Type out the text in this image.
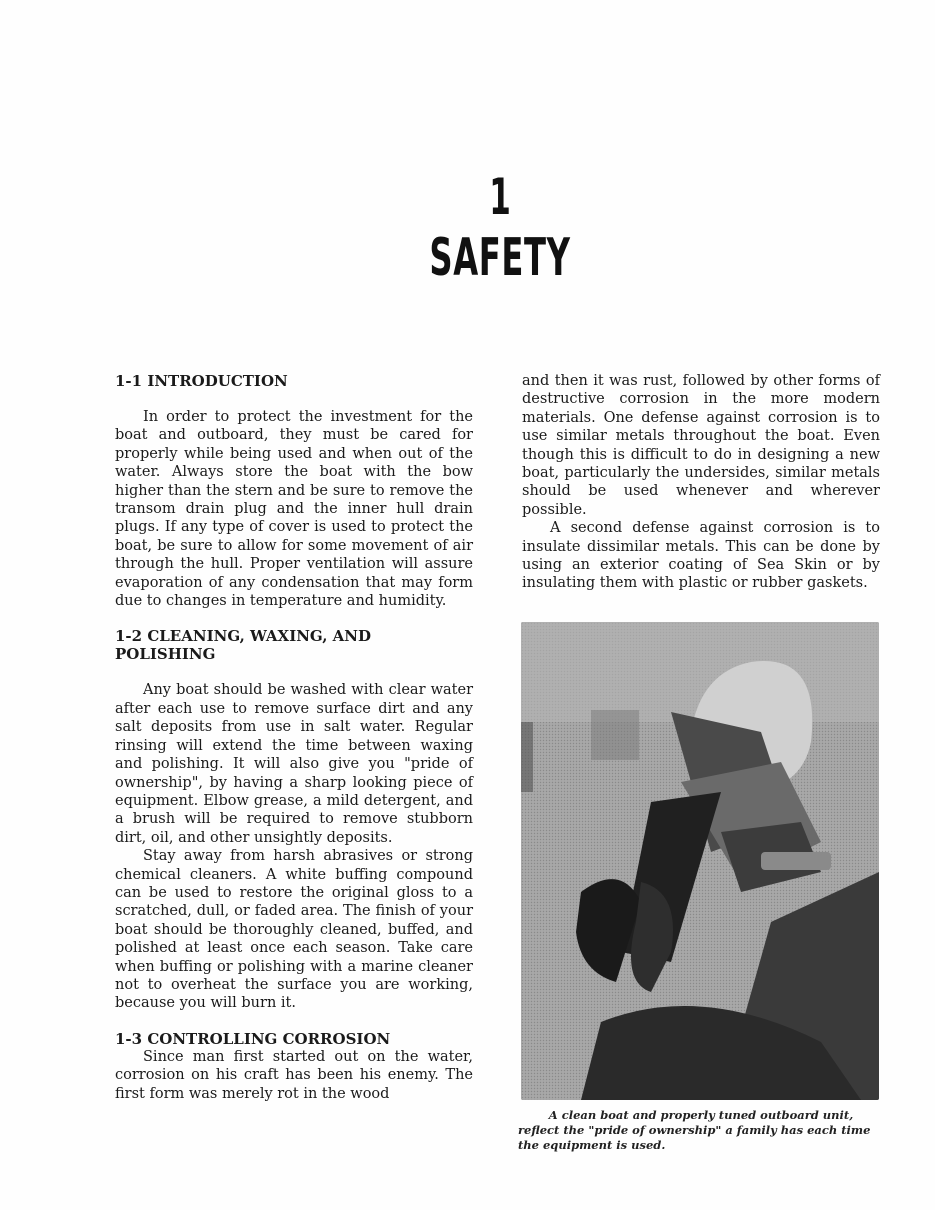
1
SAFETY
1-1 INTRODUCTION

In order to protect the investment for the boat and outboard, they must be cared for properly while being used and when out of the water. Always store the boat with the bow higher than the stern and be sure to remove the transom drain plug and the inner hull drain plugs. If any type of cover is used to protect the boat, be sure to allow for some movement of air through the hull. Proper ventilation will assure evaporation of any condensation that may form due to changes in temperature and humidity.

1-2 CLEANING, WAXING, AND POLISHING

Any boat should be washed with clear water after each use to remove surface dirt and any salt deposits from use in salt water. Regular rinsing will extend the time between waxing and polishing. It will also give you "pride of ownership", by having a sharp looking piece of equipment. Elbow grease, a mild detergent, and a brush will be required to remove stubborn dirt, oil, and other unsightly deposits.

Stay away from harsh abrasives or strong chemical cleaners. A white buffing compound can be used to restore the original gloss to a scratched, dull, or faded area. The finish of your boat should be thoroughly cleaned, buffed, and polished at least once each season. Take care when buffing or polishing with a marine cleaner not to overheat the surface you are working, because you will burn it.

1-3 CONTROLLING CORROSION

Since man first started out on the water, corrosion on his craft has been his enemy. The first form was merely rot in the wood

and then it was rust, followed by other forms of destructive corrosion in the more modern materials. One defense against corrosion is to use similar metals throughout the boat. Even though this is difficult to do in designing a new boat, particularly the undersides, similar metals should be used whenever and wherever possible.

A second defense against corrosion is to insulate dissimilar metals. This can be done by using an exterior coating of Sea Skin or by insulating them with plastic or rubber gaskets.

A clean boat and properly tuned outboard unit,
reflect the "pride of ownership" a family has each time
the equipment is used.
